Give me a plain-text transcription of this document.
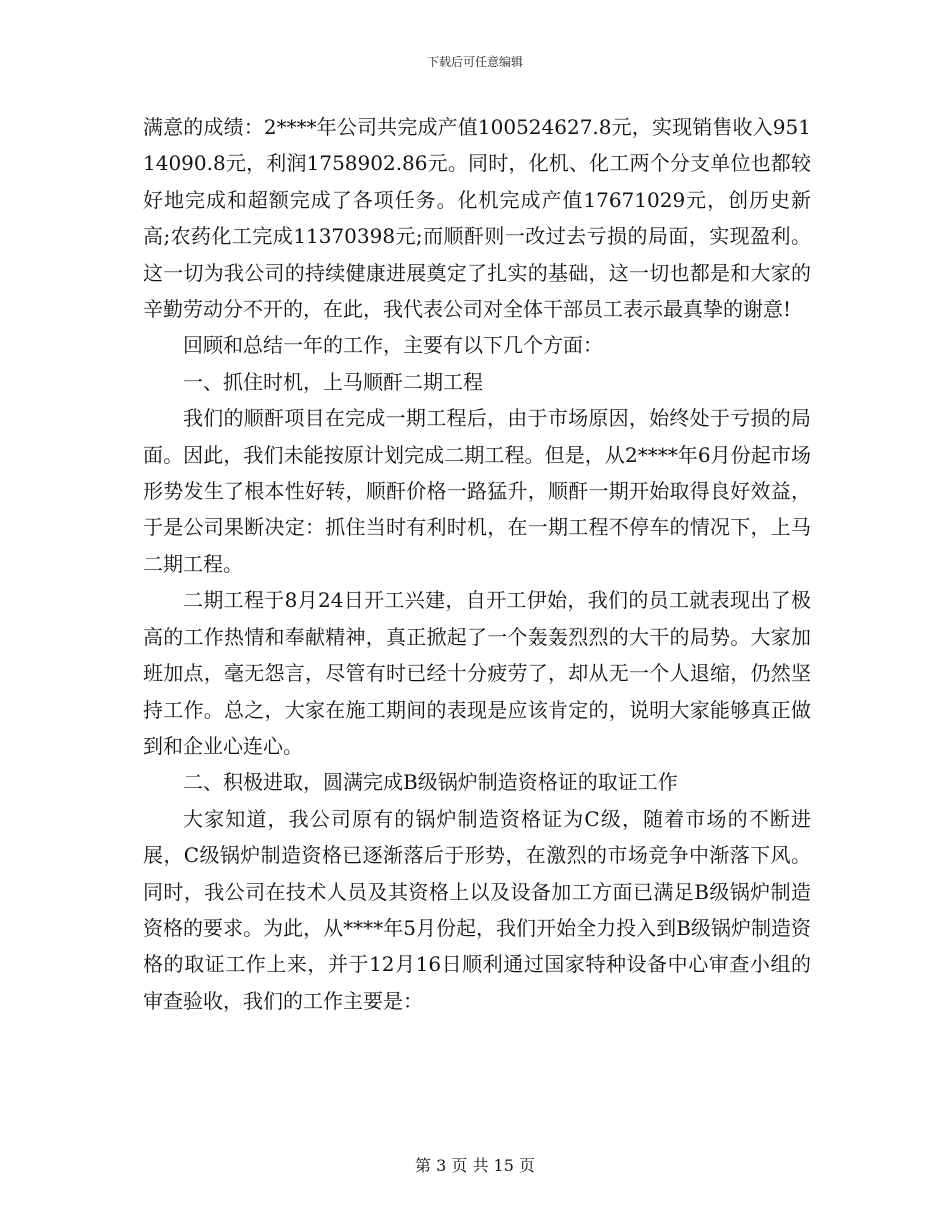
下载后可任意编辑

满意的成绩：2****年公司共完成产值100524627.8元，实现销售收入95114090.8元，利润1758902.86元。同时，化机、化工两个分支单位也都较好地完成和超额完成了各项任务。化机完成产值17671029元，创历史新高;农药化工完成11370398元;而顺酐则一改过去亏损的局面，实现盈利。这一切为我公司的持续健康进展奠定了扎实的基础，这一切也都是和大家的辛勤劳动分不开的，在此，我代表公司对全体干部员工表示最真挚的谢意!

回顾和总结一年的工作，主要有以下几个方面：

一、抓住时机，上马顺酐二期工程

我们的顺酐项目在完成一期工程后，由于市场原因，始终处于亏损的局面。因此，我们未能按原计划完成二期工程。但是，从2****年6月份起市场形势发生了根本性好转，顺酐价格一路猛升，顺酐一期开始取得良好效益，于是公司果断决定：抓住当时有利时机，在一期工程不停车的情况下，上马二期工程。

二期工程于8月24日开工兴建，自开工伊始，我们的员工就表现出了极高的工作热情和奉献精神，真正掀起了一个轰轰烈烈的大干的局势。大家加班加点，毫无怨言，尽管有时已经十分疲劳了，却从无一个人退缩，仍然坚持工作。总之，大家在施工期间的表现是应该肯定的，说明大家能够真正做到和企业心连心。

二、积极进取，圆满完成B级锅炉制造资格证的取证工作

大家知道，我公司原有的锅炉制造资格证为C级，随着市场的不断进展，C级锅炉制造资格已逐渐落后于形势，在激烈的市场竞争中渐落下风。同时，我公司在技术人员及其资格上以及设备加工方面已满足B级锅炉制造资格的要求。为此，从****年5月份起，我们开始全力投入到B级锅炉制造资格的取证工作上来，并于12月16日顺利通过国家特种设备中心审查小组的审查验收，我们的工作主要是：

第 3 页 共 15 页
